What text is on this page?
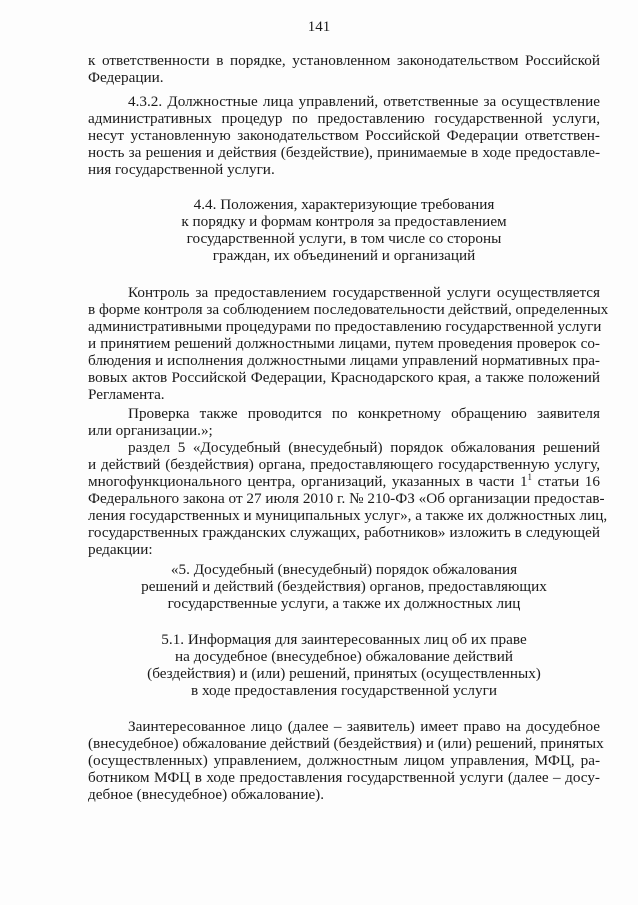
141
к ответственности в порядке, установленном законодательством Российской
Федерации.
4.3.2. Должностные лица управлений, ответственные за осуществление
административных процедур по предоставлению государственной услуги,
несут установленную законодательством Российской Федерации ответствен-
ность за решения и действия (бездействие), принимаемые в ходе предоставле-
ния государственной услуги.
4.4. Положения, характеризующие требования
к порядку и формам контроля за предоставлением
государственной услуги, в том числе со стороны
граждан, их объединений и организаций
Контроль за предоставлением государственной услуги осуществляется
в форме контроля за соблюдением последовательности действий, определенных
административными процедурами по предоставлению государственной услуги
и принятием решений должностными лицами, путем проведения проверок со-
блюдения и исполнения должностными лицами управлений нормативных пра-
вовых актов Российской Федерации, Краснодарского края, а также положений
Регламента.
Проверка также проводится по конкретному обращению заявителя
или организации.»;
раздел 5 «Досудебный (внесудебный) порядок обжалования решений
и действий (бездействия) органа, предоставляющего государственную услугу,
многофункционального центра, организаций, указанных в части $1^1$ статьи 16
Федерального закона от 27 июля 2010 г. № 210-ФЗ «Об организации предостав-
ления государственных и муниципальных услуг», а также их должностных лиц,
государственных гражданских служащих, работников» изложить в следующей
редакции:
«5. Досудебный (внесудебный) порядок обжалования
решений и действий (бездействия) органов, предоставляющих
государственные услуги, а также их должностных лиц
5.1. Информация для заинтересованных лиц об их праве
на досудебное (внесудебное) обжалование действий
(бездействия) и (или) решений, принятых (осуществленных)
в ходе предоставления государственной услуги
Заинтересованное лицо (далее – заявитель) имеет право на досудебное
(внесудебное) обжалование действий (бездействия) и (или) решений, принятых
(осуществленных) управлением, должностным лицом управления, МФЦ, ра-
ботником МФЦ в ходе предоставления государственной услуги (далее – досу-
дебное (внесудебное) обжалование).
